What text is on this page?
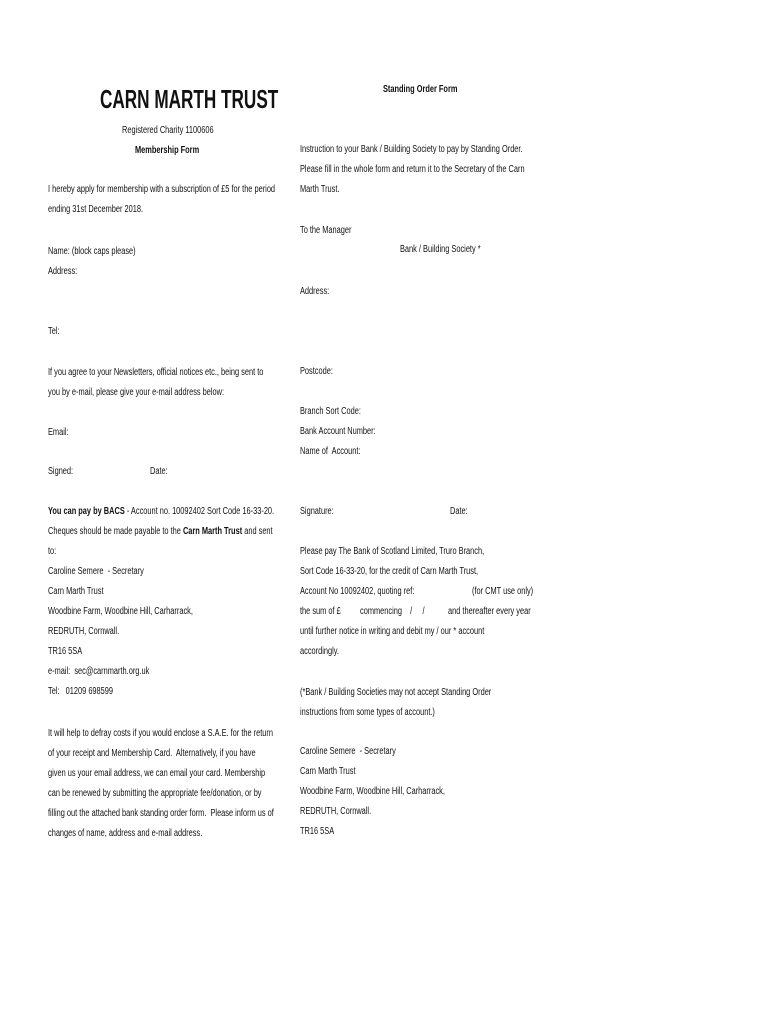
CARN MARTH TRUST
Registered Charity 1100606
Membership Form
I hereby apply for membership with a subscription of £5 for the period
ending 31st December 2018.
Name: (block caps please)
Address:
Tel:
If you agree to your Newsletters, official notices etc., being sent to
you by e-mail, please give your e-mail address below:
Email:
Signed:	Date:
You can pay by BACS - Account no. 10092402 Sort Code 16-33-20.
Cheques should be made payable to the Carn Marth Trust and sent
to:
Caroline Semere  - Secretary
Carn Marth Trust
Woodbine Farm, Woodbine Hill, Carharrack,
REDRUTH, Cornwall.
TR16 5SA
e-mail:  sec@carnmarth.org.uk
Tel:   01209 698599
It will help to defray costs if you would enclose a S.A.E. for the return
of your receipt and Membership Card.  Alternatively, if you have
given us your email address, we can email your card. Membership
can be renewed by submitting the appropriate fee/donation, or by
filling out the attached bank standing order form.  Please inform us of
changes of name, address and e-mail address.
Standing Order Form
Instruction to your Bank / Building Society to pay by Standing Order.
Please fill in the whole form and return it to the Secretary of the Carn
Marth Trust.
To the Manager
Bank / Building Society *
Address:
Postcode:
Branch Sort Code:
Bank Account Number:
Name of  Account:
Signature:	Date:
Please pay The Bank of Scotland Limited, Truro Branch,
Sort Code 16-33-20, for the credit of Carn Marth Trust,
Account No 10092402, quoting ref:	(for CMT use only)
the sum of £ commencing    /     / and thereafter every year
until further notice in writing and debit my / our * account
accordingly.
(*Bank / Building Societies may not accept Standing Order
instructions from some types of account.)
Caroline Semere  - Secretary
Carn Marth Trust
Woodbine Farm, Woodbine Hill, Carharrack,
REDRUTH, Cornwall.
TR16 5SA
